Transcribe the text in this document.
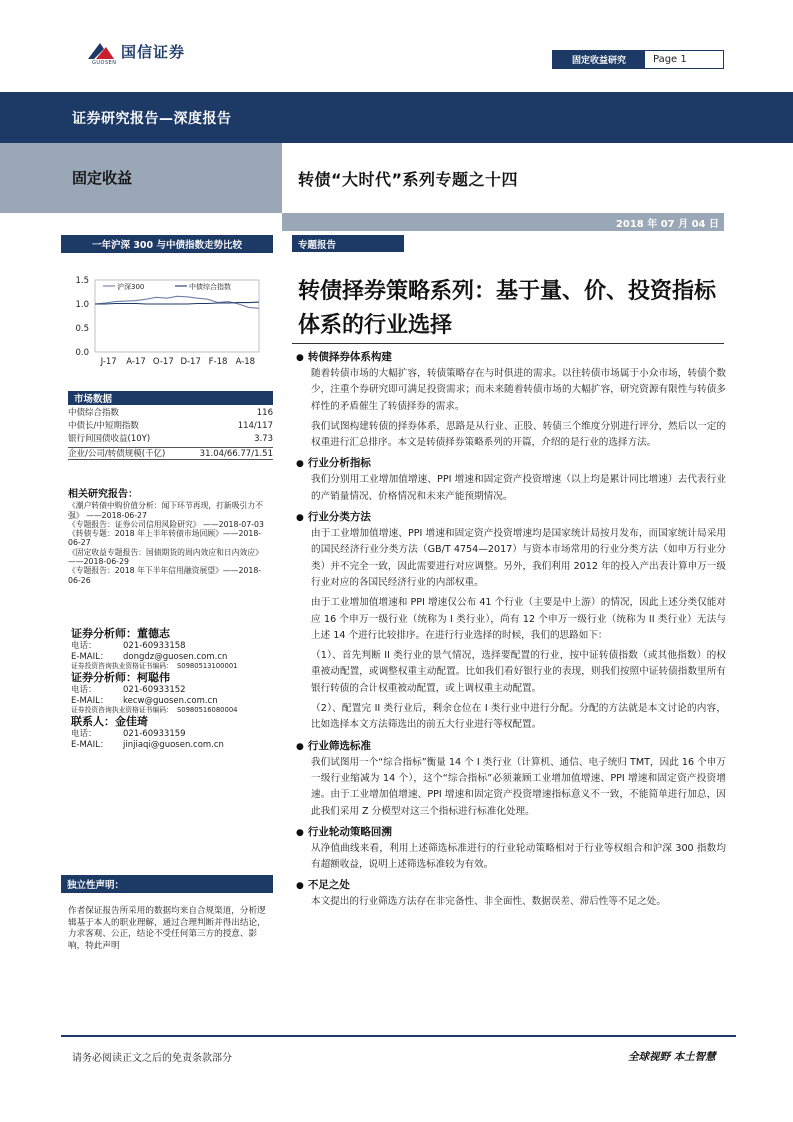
国信证券
GUOSEN	固定收益研究	Page 1
证券研究报告—深度报告
固定收益	转债“大时代”系列专题之十四
2018 年 07 月 04 日
一年沪深 300 与中债指数走势比较
1.5
1.0
0.5
0.0
J-17 A-17 O-17 D-17 F-18 A-18
沪深300	中债综合指数
市场数据
中债综合指数	116
中债长/中短期指数	114/117
银行间国债收益(10Y)	3.73
企业/公司/转债规模(千亿)	31.04/66.77/1.51
相关研究报告：
《潮户转债中购价值分析：闻下环节再现，打新吸引力不强》 ——2018-06-27
《专题报告：证券公司信用风险研究》 ——2018-07-03
《转债专题：2018 年上半年转债市场回顾》——2018-06-27
《固定收益专题报告：国债期货的周内效应和日内效应》 ——2018-06-29
《专题报告：2018 年下半年信用融资展望》——2018-06-26
证券分析师：董德志
电话：	021-60933158
E-MAIL：	dongdz@guosen.com.cn
证券投资咨询执业资格证书编码： S0980513100001
证券分析师：柯聪伟
电话：	021-60933152
E-MAIL：	kecw@guosen.com.cn
证券投资咨询执业资格证书编码： S0980516080004
联系人：金佳琦
电话：	021-60933159
E-MAIL：	jinjiaqi@guosen.com.cn
独立性声明：
作者保证报告所采用的数据均来自合规渠道，分析逻辑基于本人的职业理解，通过合理判断并得出结论，力求客观、公正，结论不受任何第三方的授意、影响，特此声明
专题报告
转债择券策略系列：基于量、价、投资指标体系的行业选择
● 转债择券体系构建
随着转债市场的大幅扩容，转债策略存在与时俱进的需求。以往转债市场属于小众市场，转债个数少，注重个券研究即可满足投资需求；而未来随着转债市场的大幅扩容，研究资源有限性与转债多样性的矛盾催生了转债择券的需求。
我们试图构建转债的择券体系，思路是从行业、正股、转债三个维度分别进行评分，然后以一定的权重进行汇总排序。本文是转债择券策略系列的开篇，介绍的是行业的选择方法。
● 行业分析指标
我们分别用工业增加值增速、PPI 增速和固定资产投资增速（以上均是累计同比增速）去代表行业的产销量情况、价格情况和未来产能预期情况。
● 行业分类方法
由于工业增加值增速、PPI 增速和固定资产投资增速均是国家统计局按月发布，而国家统计局采用的国民经济行业分类方法（GB/T 4754—2017）与资本市场常用的行业分类方法（如申万行业分类）并不完全一致，因此需要进行对应调整。另外，我们利用 2012 年的投入产出表计算申万一级行业对应的各国民经济行业的内部权重。
由于工业增加值增速和 PPI 增速仅公布 41 个行业（主要是中上游）的情况，因此上述分类仅能对应 16 个申万一级行业（统称为 I 类行业），尚有 12 个申万一级行业（统称为 II 类行业）无法与上述 14 个进行比较排序。在进行行业选择的时候，我们的思路如下：
（1）、首先判断 II 类行业的景气情况，选择要配置的行业，按中证转债指数（或其他指数）的权重被动配置，或调整权重主动配置。比如我们看好银行业的表现，则我们按照中证转债指数里所有银行转债的合计权重被动配置，或上调权重主动配置。
（2）、配置完 II 类行业后，剩余仓位在 I 类行业中进行分配。分配的方法就是本文讨论的内容，比如选择本文方法筛选出的前五大行业进行等权配置。
● 行业筛选标准
我们试图用一个“综合指标”衡量 14 个 I 类行业（计算机、通信、电子统归 TMT，因此 16 个申万一级行业缩减为 14 个），这个“综合指标”必须兼顾工业增加值增速、PPI 增速和固定资产投资增速。由于工业增加值增速、PPI 增速和固定资产投资增速指标意义不一致，不能简单进行加总，因此我们采用 Z 分模型对这三个指标进行标准化处理。
● 行业轮动策略回溯
从净值曲线来看，利用上述筛选标准进行的行业轮动策略相对于行业等权组合和沪深 300 指数均有超额收益，说明上述筛选标准较为有效。
● 不足之处
本文提出的行业筛选方法存在非完备性、非全面性、数据误差、滞后性等不足之处。
请务必阅读正文之后的免责条款部分	全球视野 本土智慧
